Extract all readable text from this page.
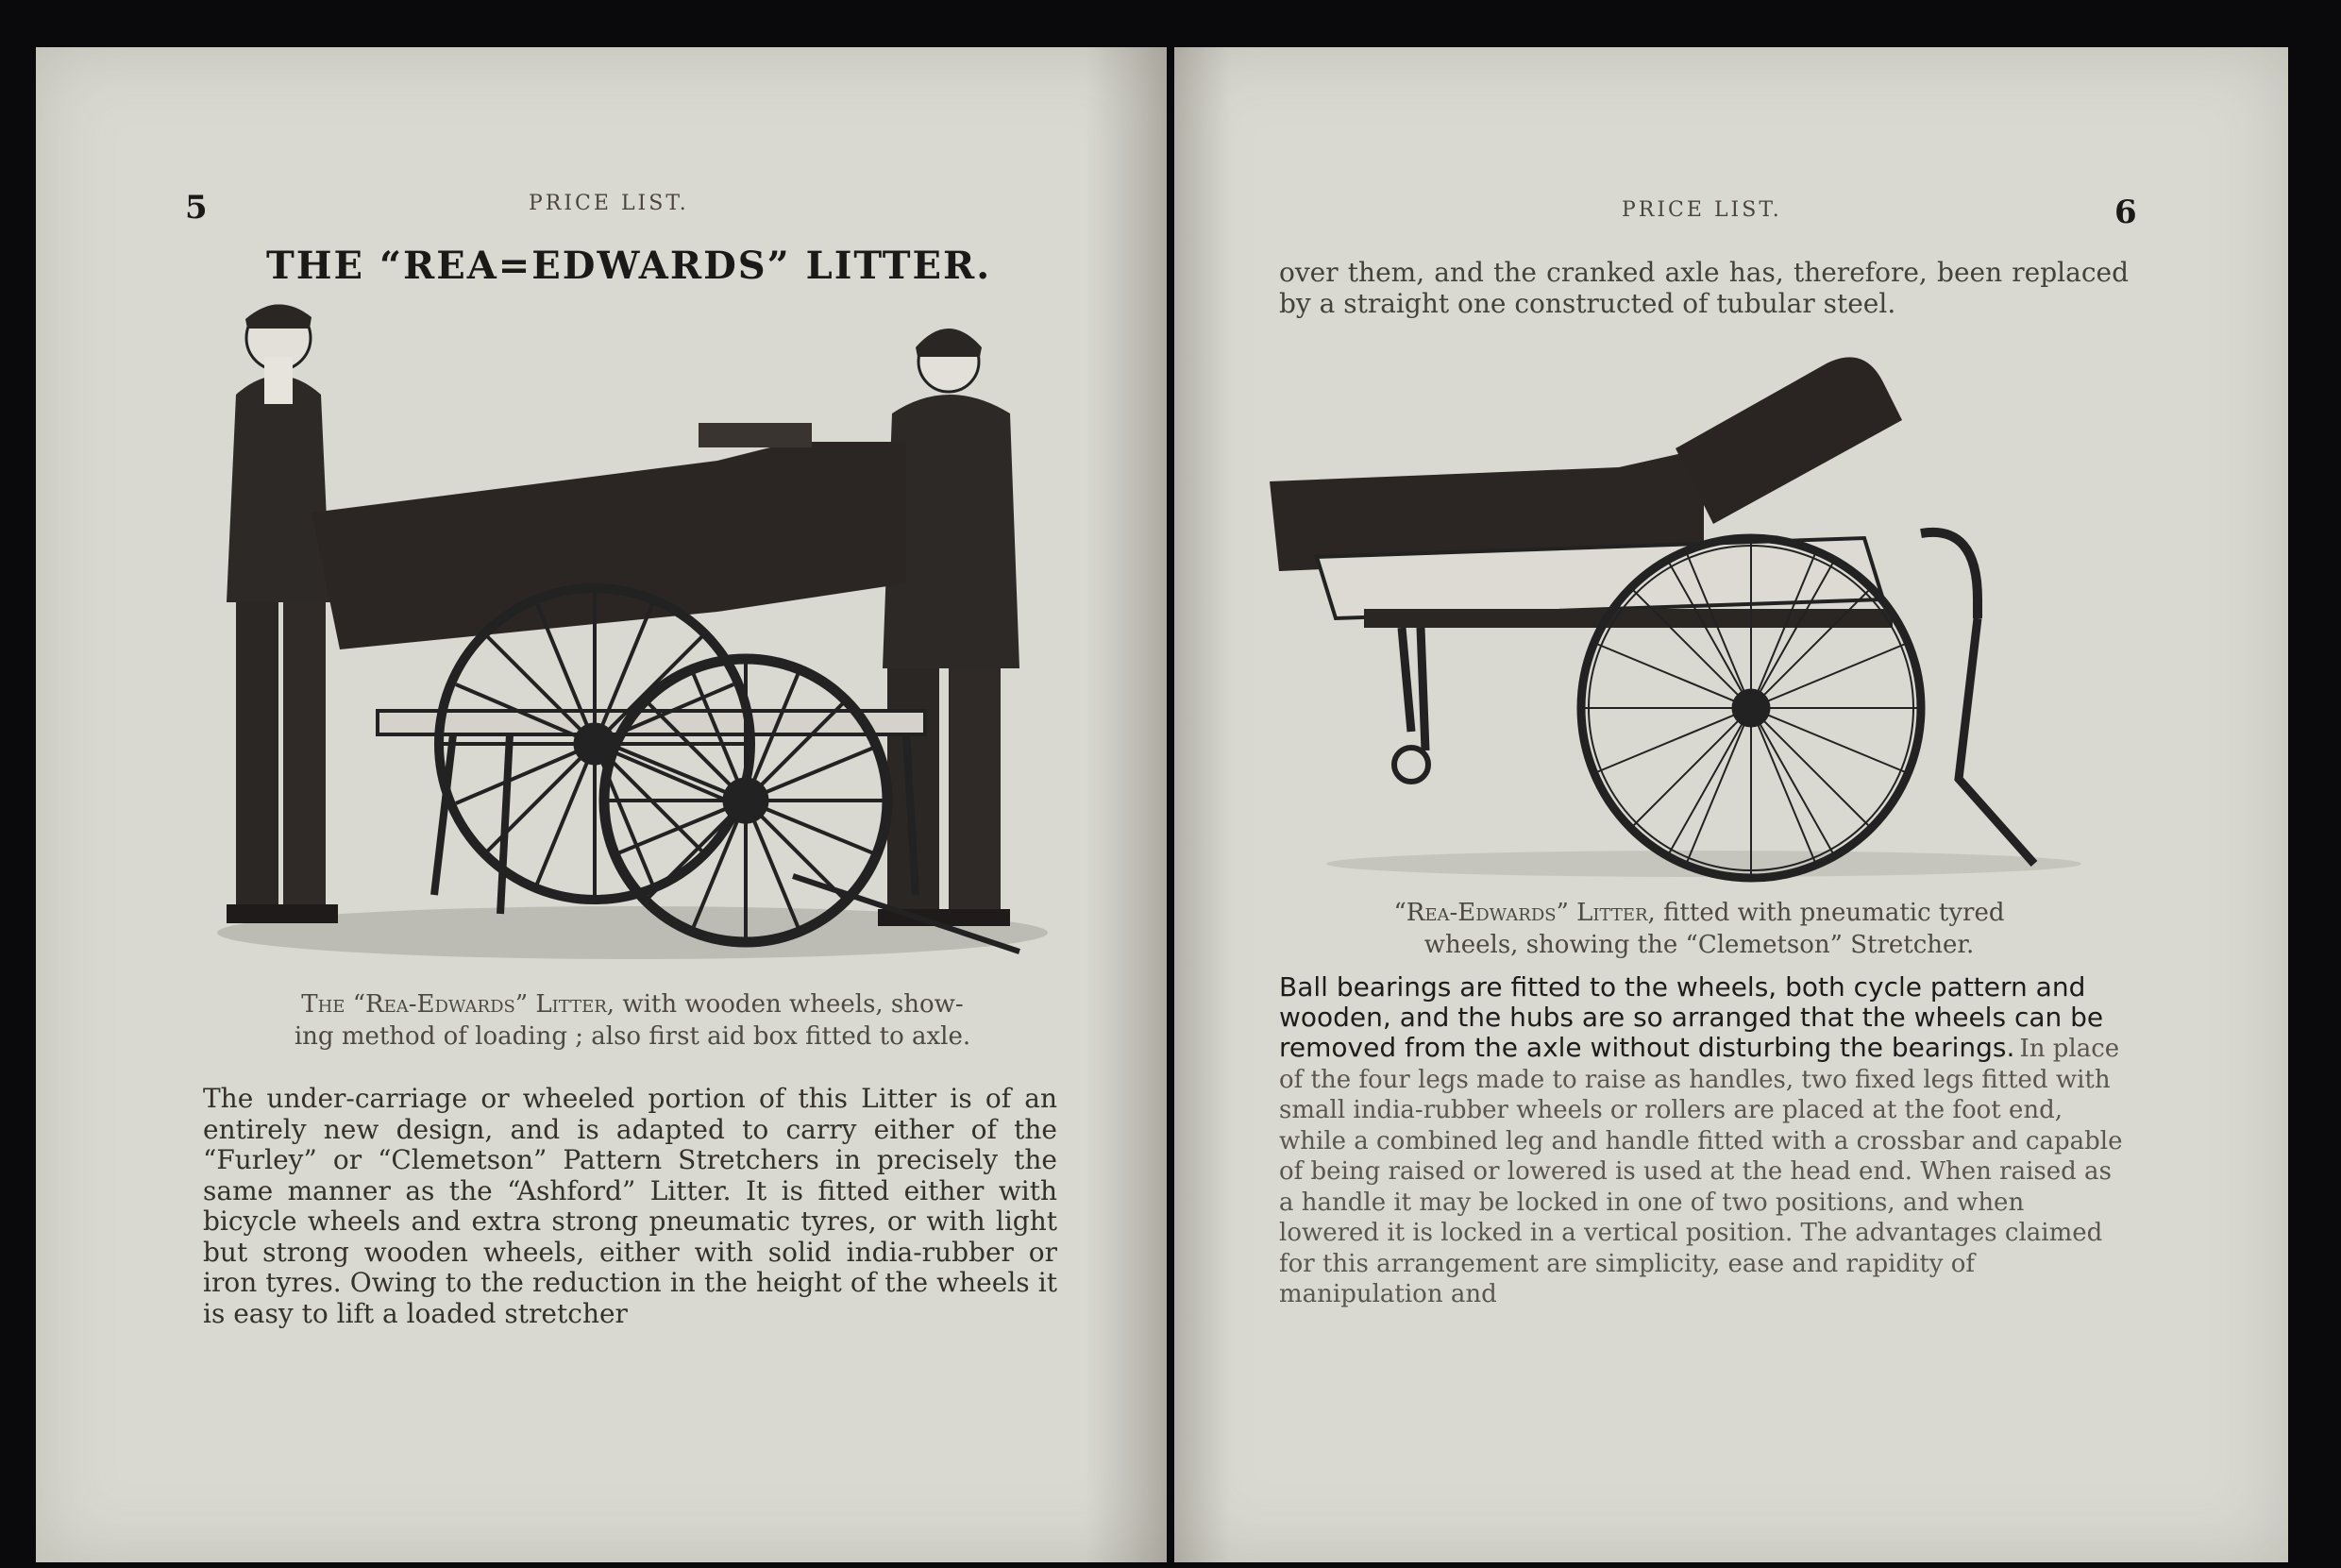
5	PRICE LIST.
THE “REA=EDWARDS” LITTER.
The “Rea-Edwards” Litter, with wooden wheels, show-
ing method of loading ; also first aid box fitted to axle.
The under-carriage or wheeled portion of this Litter is of an entirely new design, and is adapted to carry either of the “Furley” or “Clemetson” Pattern Stretchers in precisely the same manner as the “Ashford” Litter. It is fitted either with bicycle wheels and extra strong pneumatic tyres, or with light but strong wooden wheels, either with solid india-rubber or iron tyres. Owing to the reduction in the height of the wheels it is easy to lift a loaded stretcher
PRICE LIST.	6
over them, and the cranked axle has, therefore, been replaced by a straight one constructed of tubular steel.
“Rea-Edwards” Litter, fitted with pneumatic tyred
wheels, showing the “Clemetson” Stretcher.
Ball bearings are fitted to the wheels, both cycle pattern and wooden, and the hubs are so arranged that the wheels can be removed from the axle without disturbing the bearings. In place of the four legs made to raise as handles, two fixed legs fitted with small india-rubber wheels or rollers are placed at the foot end, while a combined leg and handle fitted with a crossbar and capable of being raised or lowered is used at the head end. When raised as a handle it may be locked in one of two positions, and when lowered it is locked in a vertical position. The advantages claimed for this arrangement are simplicity, ease and rapidity of manipulation and
